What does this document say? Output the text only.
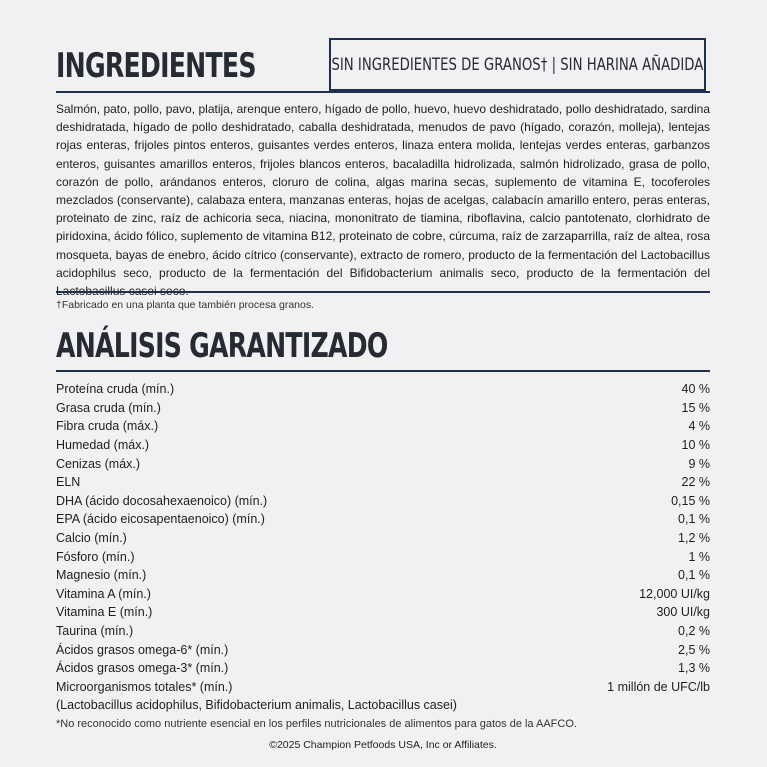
INGREDIENTES	SIN INGREDIENTES DE GRANOS† | SIN HARINA AÑADIDA
Salmón, pato, pollo, pavo, platija, arenque entero, hígado de pollo, huevo, huevo deshidratado, pollo deshidratado, sardina deshidratada, hígado de pollo deshidratado, caballa deshidratada, menudos de pavo (hígado, corazón, molleja), lentejas rojas enteras, frijoles pintos enteros, guisantes verdes enteros, linaza entera molida, lentejas verdes enteras, garbanzos enteros, guisantes amarillos enteros, frijoles blancos enteros, bacaladilla hidrolizada, salmón hidrolizado, grasa de pollo, corazón de pollo, arándanos enteros, cloruro de colina, algas marina secas, suplemento de vitamina E, tocoferoles mezclados (conservante), calabaza entera, manzanas enteras, hojas de acelgas, calabacín amarillo entero, peras enteras, proteinato de zinc, raíz de achicoria seca, niacina, mononitrato de tiamina, riboflavina, calcio pantotenato, clorhidrato de piridoxina, ácido fólico, suplemento de vitamina B12, proteinato de cobre, cúrcuma, raíz de zarzaparrilla, raíz de altea, rosa mosqueta, bayas de enebro, ácido cítrico (conservante), extracto de romero, producto de la fermentación del Lactobacillus acidophilus seco, producto de la fermentación del Bifidobacterium animalis seco, producto de la fermentación del
†Fabricado en una planta que también procesa granos.
ANÁLISIS GARANTIZADO
Proteína cruda (mín.)	40 %
Grasa cruda (mín.)	15 %
Fibra cruda (máx.)	4 %
Humedad (máx.)	10 %
Cenizas (máx.)	9 %
ELN	22 %
DHA (ácido docosahexaenoico) (mín.)	0,15 %
EPA (ácido eicosapentaenoico) (mín.)	0,1 %
Calcio (mín.)	1,2 %
Fósforo (mín.)	1 %
Magnesio (mín.)	0,1 %
Vitamina A (mín.)	12,000 UI/kg
Vitamina E (mín.)	300 UI/kg
Taurina (mín.)	0,2 %
Ácidos grasos omega-6* (mín.)	2,5 %
Ácidos grasos omega-3* (mín.)	1,3 %
Microorganismos totales* (mín.)	1 millón de UFC/lb
(Lactobacillus acidophilus, Bifidobacterium animalis, Lactobacillus casei)
*No reconocido como nutriente esencial en los perfiles nutricionales de alimentos para gatos de la AAFCO.
©2025 Champion Petfoods USA, Inc or Affiliates.
